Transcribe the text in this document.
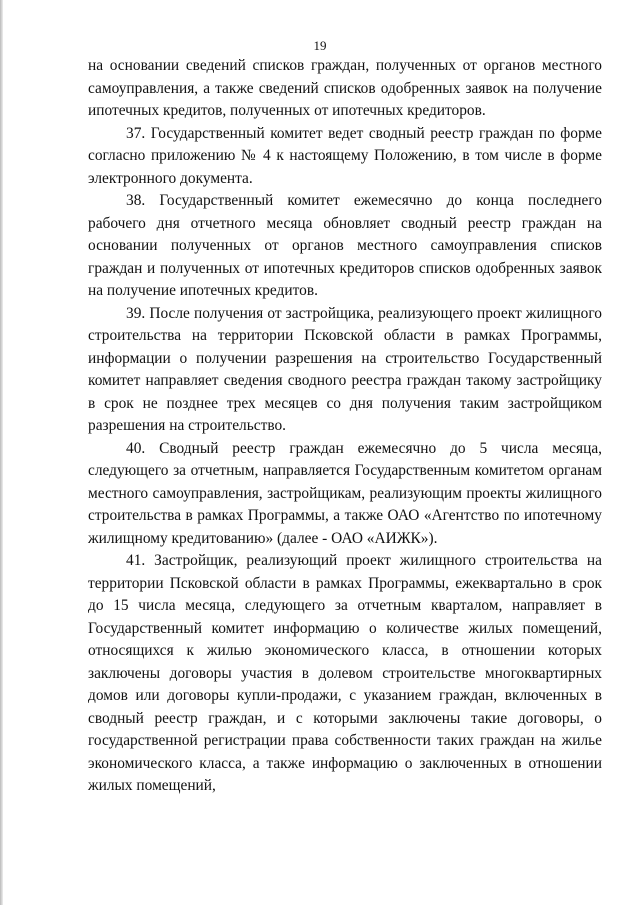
19

на основании сведений списков граждан, полученных от органов местного самоуправления, а также сведений списков одобренных заявок на получение ипотечных кредитов, полученных от ипотечных кредиторов.

37. Государственный комитет ведет сводный реестр граждан по форме согласно приложению № 4 к настоящему Положению, в том числе в форме электронного документа.

38. Государственный комитет ежемесячно до конца последнего рабочего дня отчетного месяца обновляет сводный реестр граждан на основании полученных от органов местного самоуправления списков граждан и полученных от ипотечных кредиторов списков одобренных заявок на получение ипотечных кредитов.

39. После получения от застройщика, реализующего проект жилищного строительства на территории Псковской области в рамках Программы, информации о получении разрешения на строительство Государственный комитет направляет сведения сводного реестра граждан такому застройщику в срок не позднее трех месяцев со дня получения таким застройщиком разрешения на строительство.

40. Сводный реестр граждан ежемесячно до 5 числа месяца, следующего за отчетным, направляется Государственным комитетом органам местного самоуправления, застройщикам, реализующим проекты жилищного строительства в рамках Программы, а также ОАО «Агентство по ипотечному жилищному кредитованию» (далее - ОАО «АИЖК»).

41. Застройщик, реализующий проект жилищного строительства на территории Псковской области в рамках Программы, ежеквартально в срок до 15 числа месяца, следующего за отчетным кварталом, направляет в Государственный комитет информацию о количестве жилых помещений, относящихся к жилью экономического класса, в отношении которых заключены договоры участия в долевом строительстве многоквартирных домов или договоры купли-продажи, с указанием граждан, включенных в сводный реестр граждан, и с которыми заключены такие договоры, о государственной регистрации права собственности таких граждан на жилье экономического класса, а также информацию о заключенных в отношении жилых помещений,
